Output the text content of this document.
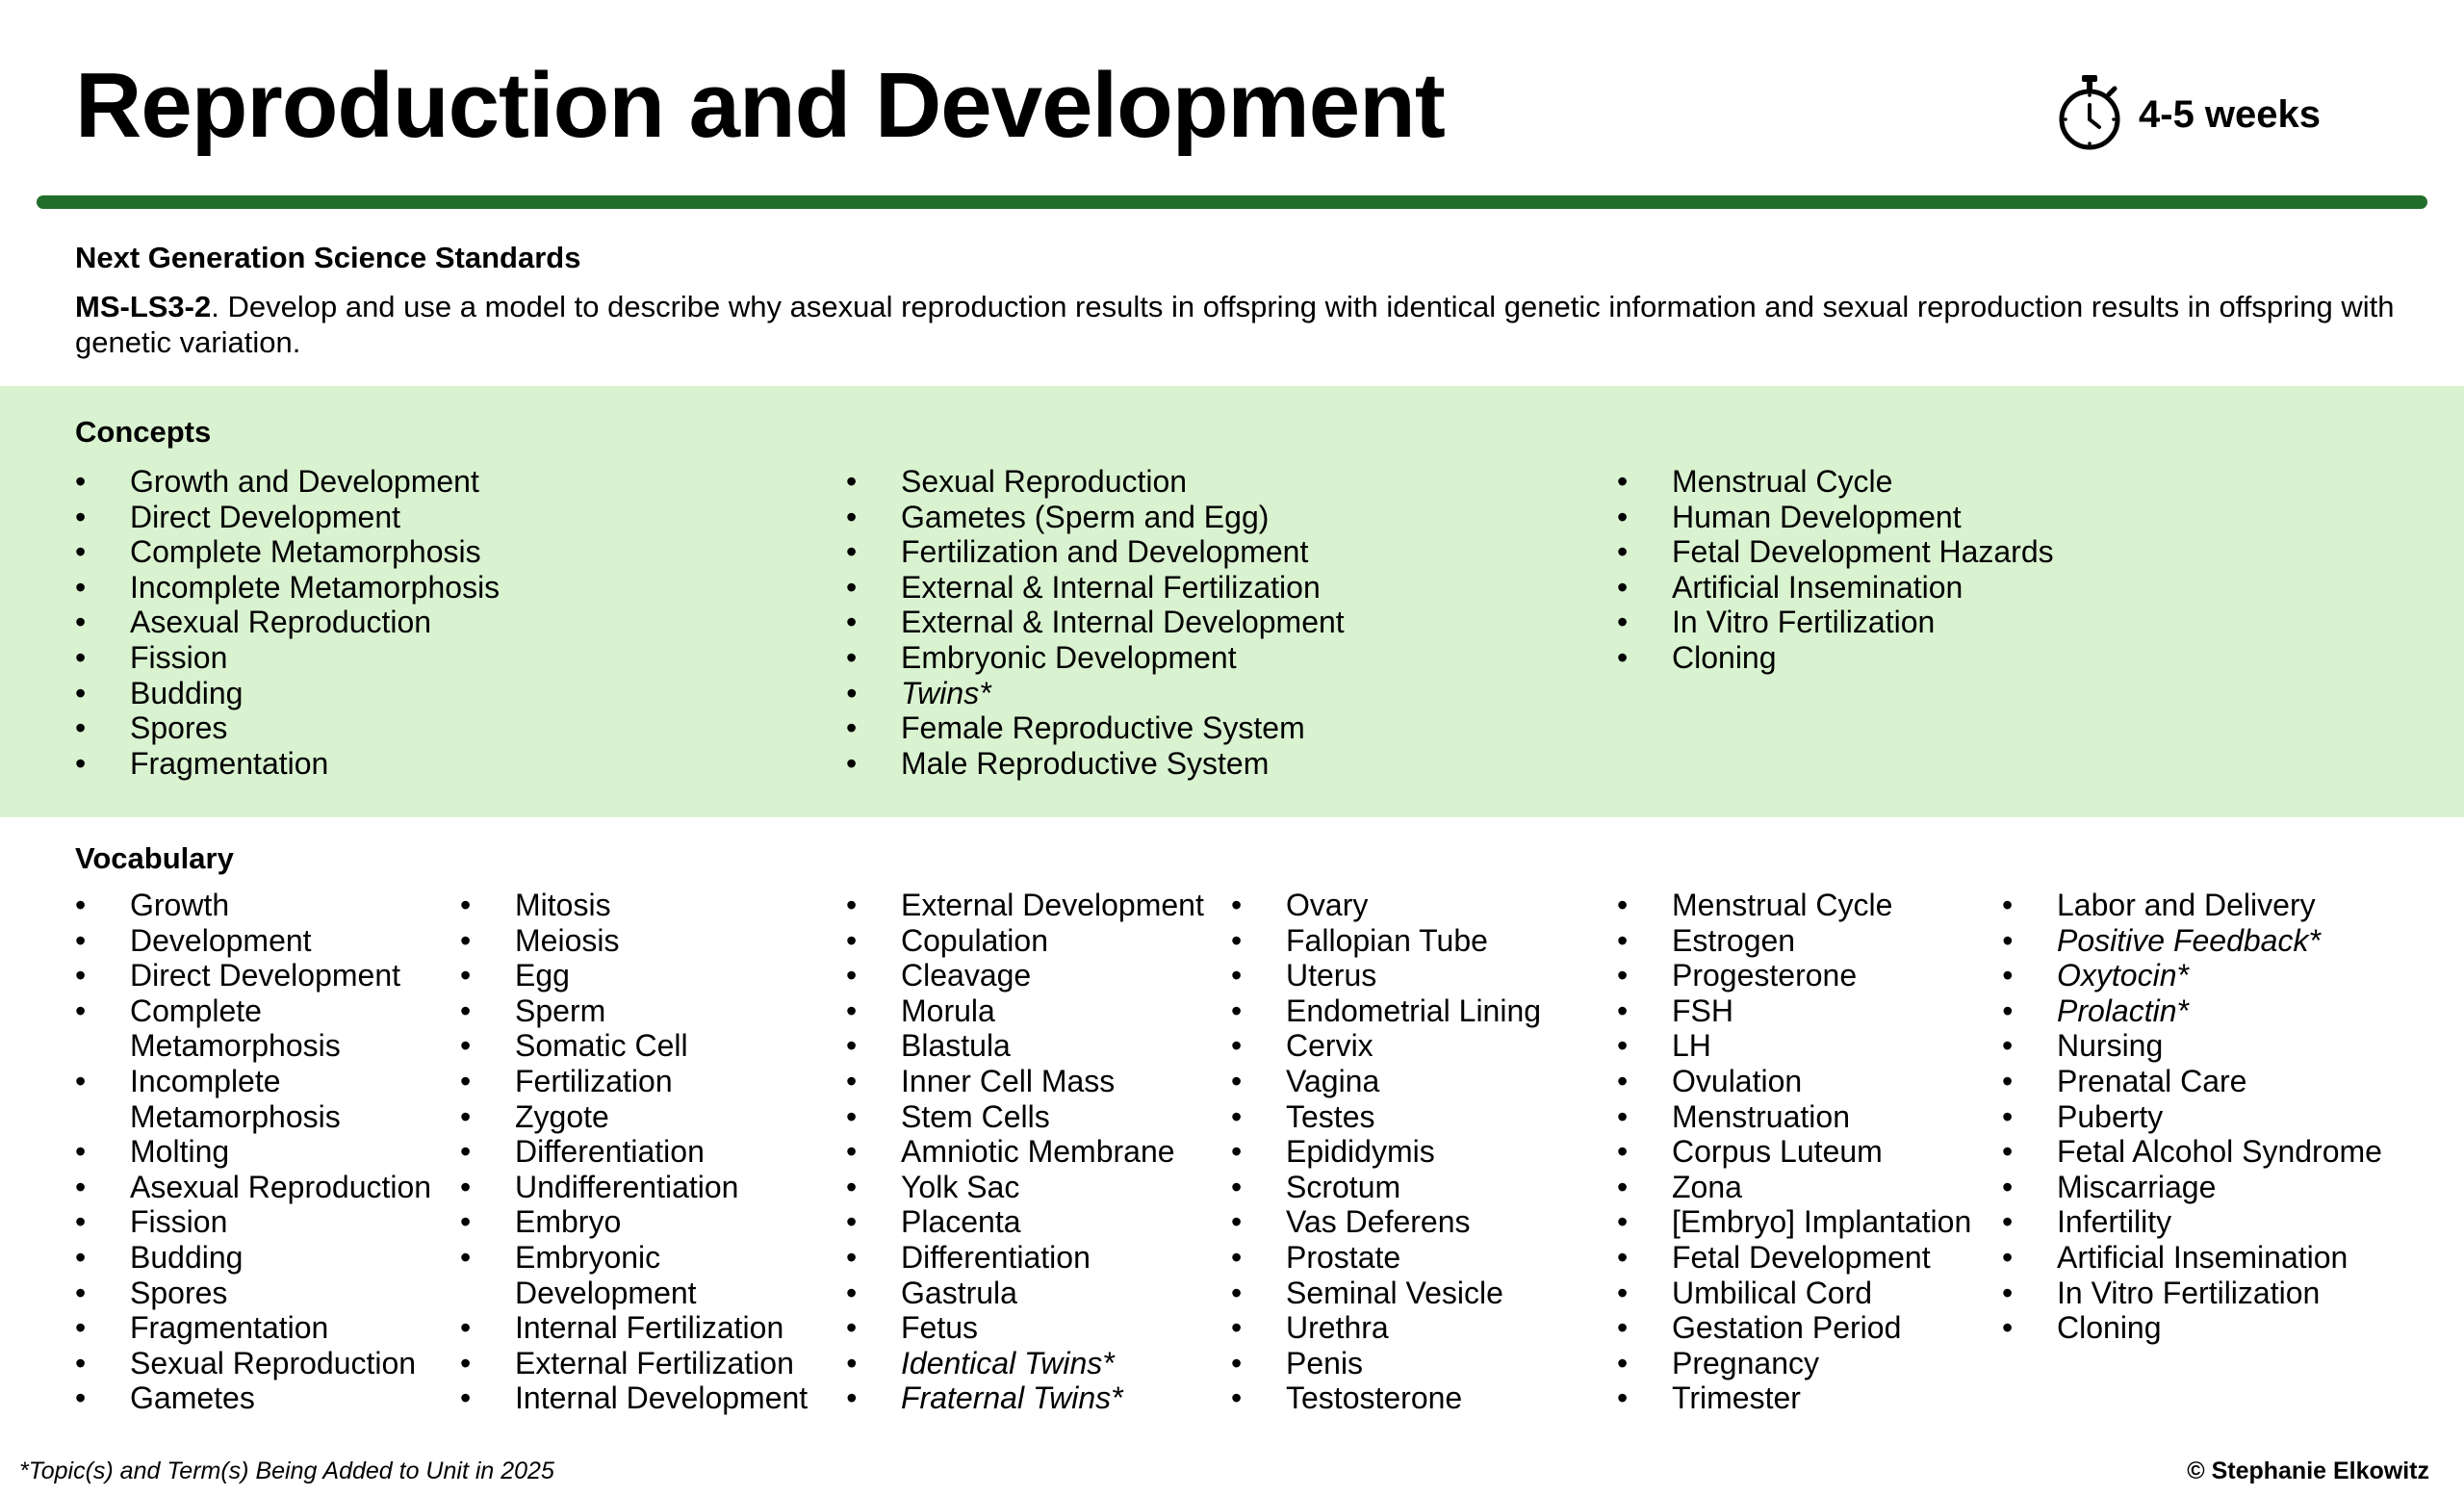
Reproduction and Development	4-5 weeks
Next Generation Science Standards
MS-LS3-2. Develop and use a model to describe why asexual reproduction results in offspring with identical genetic information and sexual reproduction results in offspring with genetic variation.
Concepts
• Growth and Development
• Direct Development
• Complete Metamorphosis
• Incomplete Metamorphosis
• Asexual Reproduction
• Fission
• Budding
• Spores
• Fragmentation
• Sexual Reproduction
• Gametes (Sperm and Egg)
• Fertilization and Development
• External & Internal Fertilization
• External & Internal Development
• Embryonic Development
• Twins*
• Female Reproductive System
• Male Reproductive System
• Menstrual Cycle
• Human Development
• Fetal Development Hazards
• Artificial Insemination
• In Vitro Fertilization
• Cloning
Vocabulary
• Growth
• Development
• Direct Development
• Complete Metamorphosis
• Incomplete Metamorphosis
• Molting
• Asexual Reproduction
• Fission
• Budding
• Spores
• Fragmentation
• Sexual Reproduction
• Gametes
• Mitosis
• Meiosis
• Egg
• Sperm
• Somatic Cell
• Fertilization
• Zygote
• Differentiation
• Undifferentiation
• Embryo
• Embryonic Development
• Internal Fertilization
• External Fertilization
• Internal Development
• External Development
• Copulation
• Cleavage
• Morula
• Blastula
• Inner Cell Mass
• Stem Cells
• Amniotic Membrane
• Yolk Sac
• Placenta
• Differentiation
• Gastrula
• Fetus
• Identical Twins*
• Fraternal Twins*
• Ovary
• Fallopian Tube
• Uterus
• Endometrial Lining
• Cervix
• Vagina
• Testes
• Epididymis
• Scrotum
• Vas Deferens
• Prostate
• Seminal Vesicle
• Urethra
• Penis
• Testosterone
• Menstrual Cycle
• Estrogen
• Progesterone
• FSH
• LH
• Ovulation
• Menstruation
• Corpus Luteum
• Zona
• [Embryo] Implantation
• Fetal Development
• Umbilical Cord
• Gestation Period
• Pregnancy
• Trimester
• Labor and Delivery
• Positive Feedback*
• Oxytocin*
• Prolactin*
• Nursing
• Prenatal Care
• Puberty
• Fetal Alcohol Syndrome
• Miscarriage
• Infertility
• Artificial Insemination
• In Vitro Fertilization
• Cloning
*Topic(s) and Term(s) Being Added to Unit in 2025	© Stephanie Elkowitz
